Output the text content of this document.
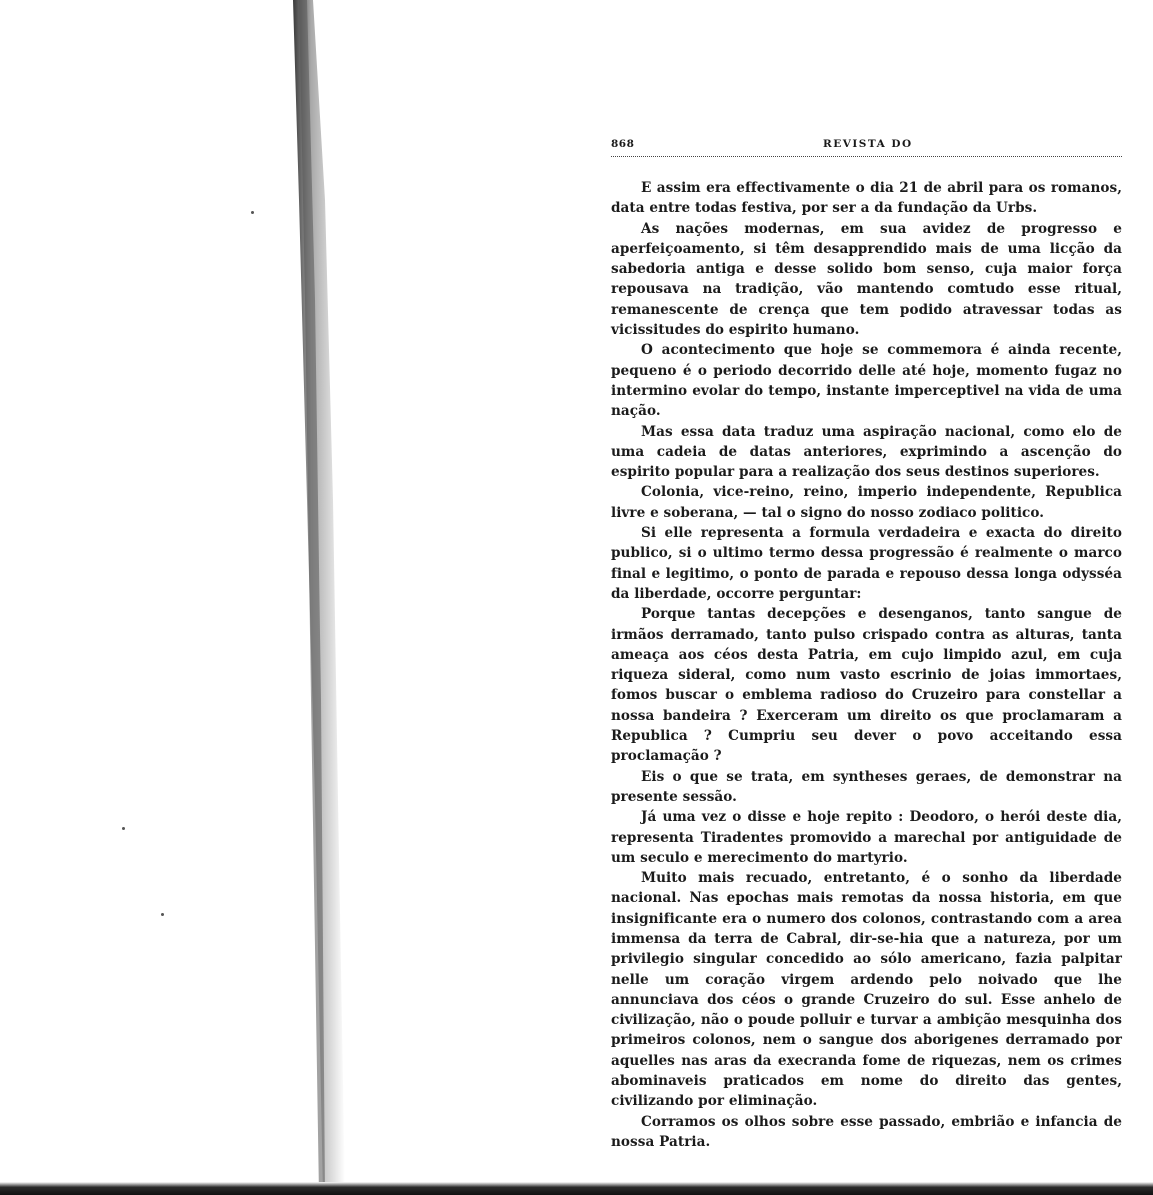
868	REVISTA DO

E assim era effectivamente o dia 21 de abril para os romanos, data entre todas festiva, por ser a da fundação da Urbs.

As nações modernas, em sua avidez de progresso e aperfeiçoamento, si têm desapprendido mais de uma licção da sabedoria antiga e desse solido bom senso, cuja maior força repousava na tradição, vão mantendo comtudo esse ritual, remanescente de crença que tem podido atravessar todas as vicissitudes do espirito humano.

O acontecimento que hoje se commemora é ainda recente, pequeno é o periodo decorrido delle até hoje, momento fugaz no interminо evolar do tempo, instante imperceptivel na vida de uma nação.

Mas essa data traduz uma aspiração nacional, como elo de uma cadeia de datas anteriores, exprimindo a ascenção do espirito popular para a realização dos seus destinos superiores.

Colonia, vice-reino, reino, imperio independente, Republica livre e soberana, — tal o signo do nosso zodiaco politico.

Si elle representa a formula verdadeira e exacta do direito publico, si o ultimo termo dessa progressão é realmente o marco final e legitimo, o ponto de parada e repouso dessa longa odysséa da liberdade, occorre perguntar:

Porque tantas decepções e desenganos, tanto sangue de irmãos derramado, tanto pulso crispado contra as alturas, tanta ameaça aos céos desta Patria, em cujo limpido azul, em cuja riqueza sideral, como num vasto escrinio de joias immortaes, fomos buscar o emblema radioso do Cruzeiro para constellar a nossa bandeira ? Exerceram um direito os que proclamaram a Republica ? Cumpriu seu dever o povo acceitando essa proclamação ?

Eis o que se trata, em syntheses geraes, de demonstrar na presente sessão.

Já uma vez o disse e hoje repito : Deodoro, o herói deste dia, representa Tiradentes promovido a marechal por antiguidade de um seculo e merecimento do martyrio.

Muito mais recuado, entretanto, é o sonho da liberdade nacional. Nas epochas mais remotas da nossa historia, em que insignificante era o numero dos colonos, contrastando com a area immensa da terra de Cabral, dir-se-hia que a natureza, por um privilegio singular concedido ao sólo americano, fazia palpitar nelle um coração virgem ardendo pelo noivado que lhe annunciava dos céos o grande Cruzeiro do sul. Esse anhelo de civilização, não o poude polluir e turvar a ambição mesquinha dos primeiros colonos, nem o sangue dos aborigenes derramado por aquelles nas aras da execranda fome de riquezas, nem os crimes abominaveis praticados em nome do direito das gentes, civilizando por eliminação.

Corramos os olhos sobre esse passado, embrião e infancia de nossa Patria.
